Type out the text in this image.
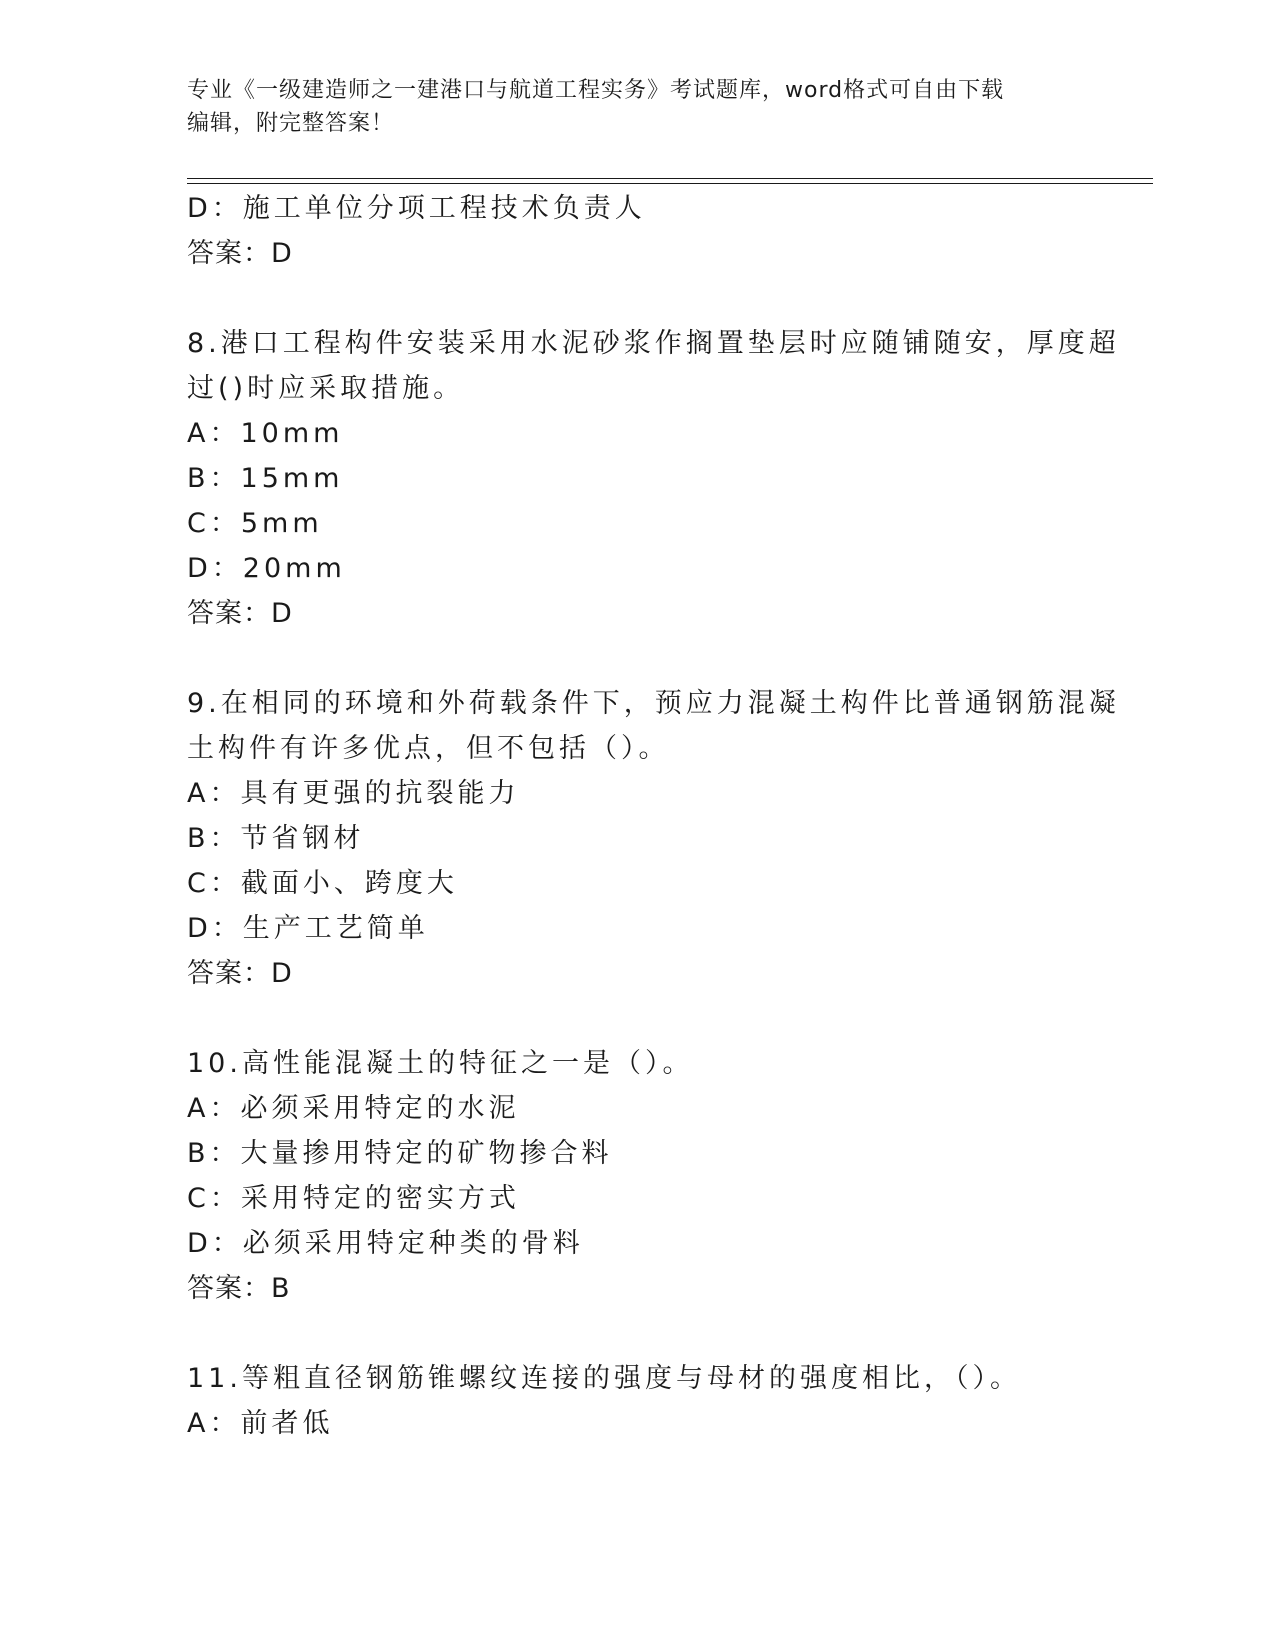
专业《一级建造师之一建港口与航道工程实务》考试题库，word格式可自由下载
编辑，附完整答案！
D：施工单位分项工程技术负责人
答案：D
8.港口工程构件安装采用水泥砂浆作搁置垫层时应随铺随安，厚度超
过()时应采取措施。
A：10mm
B：15mm
C：5mm
D：20mm
答案：D
9.在相同的环境和外荷载条件下，预应力混凝土构件比普通钢筋混凝
土构件有许多优点，但不包括（）。
A：具有更强的抗裂能力
B：节省钢材
C：截面小、跨度大
D：生产工艺简单
答案：D
10.高性能混凝土的特征之一是（）。
A：必须采用特定的水泥
B：大量掺用特定的矿物掺合料
C：采用特定的密实方式
D：必须采用特定种类的骨料
答案：B
11.等粗直径钢筋锥螺纹连接的强度与母材的强度相比，（）。
A：前者低
